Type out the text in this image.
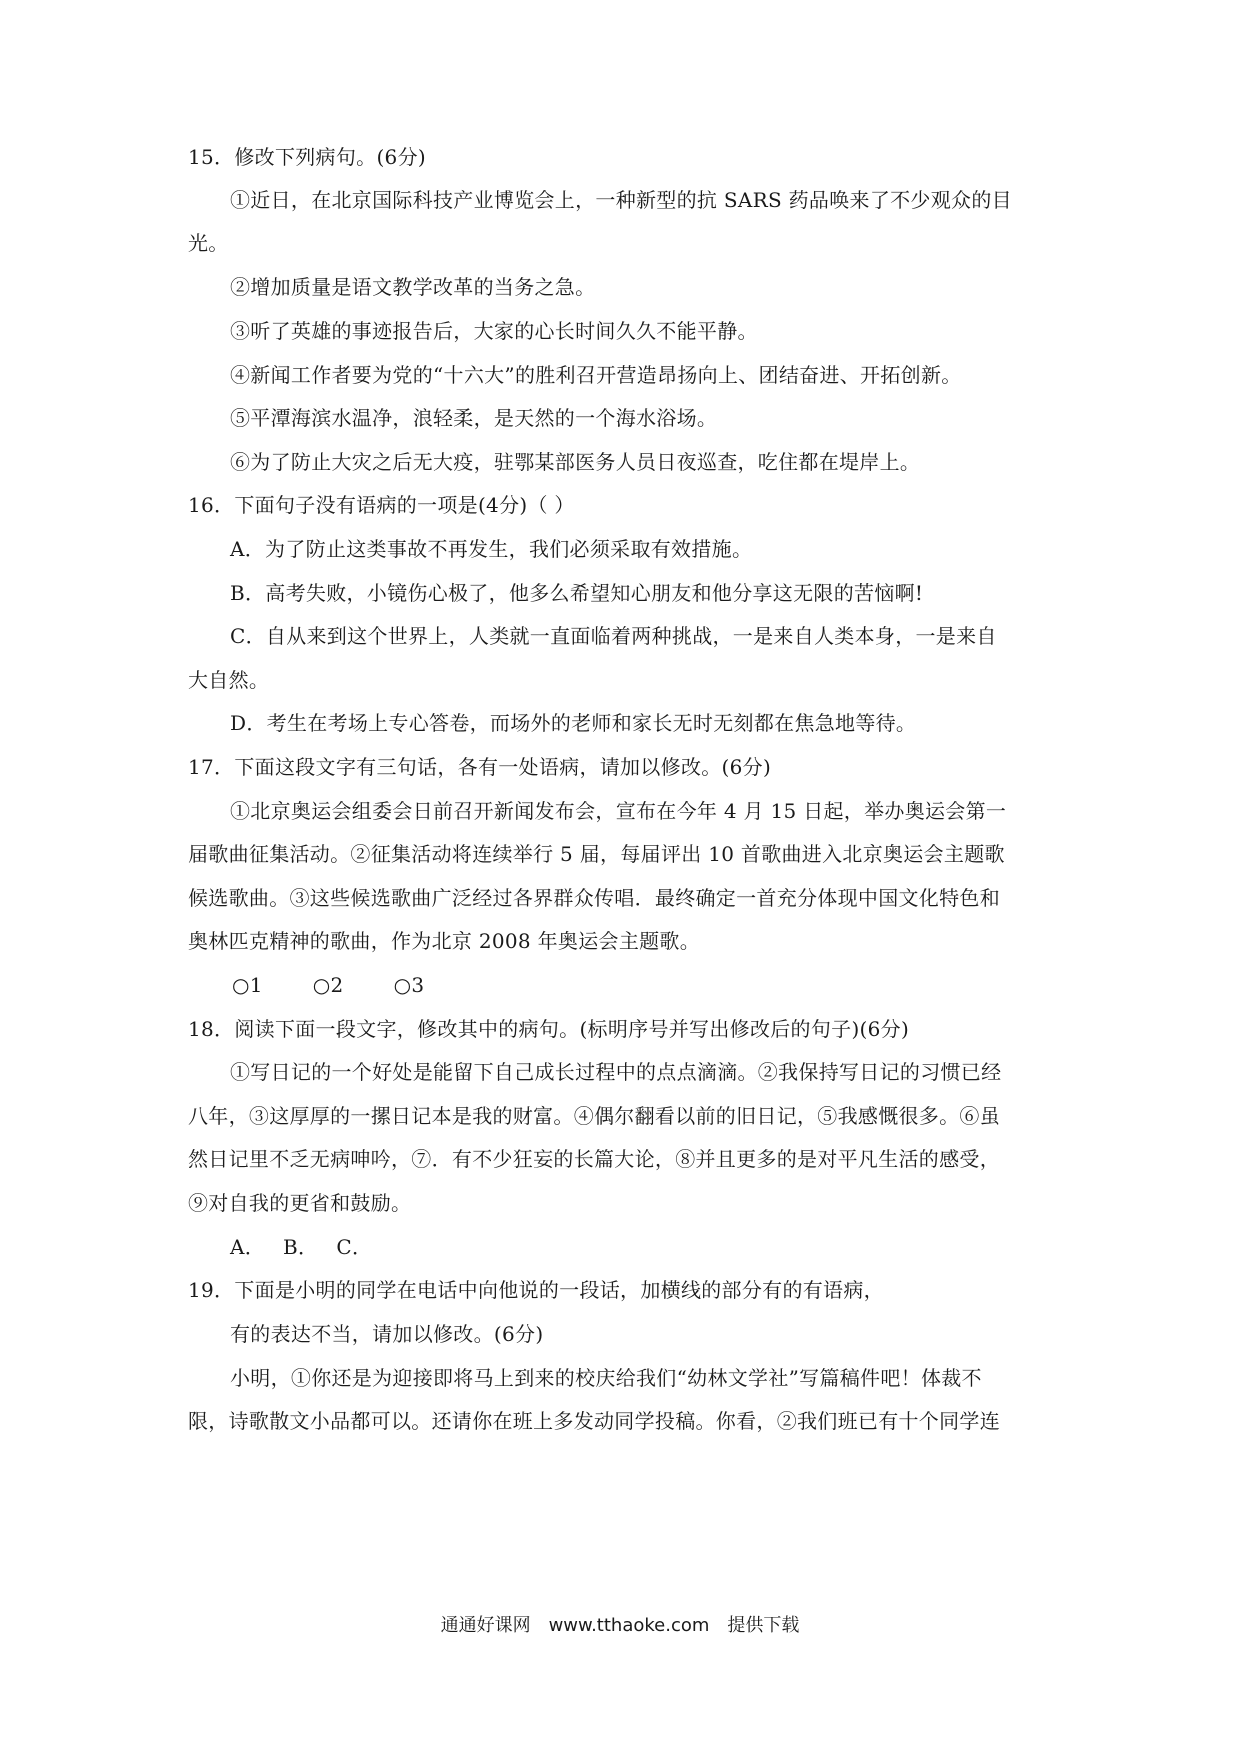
15．修改下列病句。(6分)
①近日，在北京国际科技产业博览会上，一种新型的抗 SARS 药品唤来了不少观众的目
光。
②增加质量是语文教学改革的当务之急。
③听了英雄的事迹报告后，大家的心长时间久久不能平静。
④新闻工作者要为党的“十六大”的胜利召开营造昂扬向上、团结奋进、开拓创新。
⑤平潭海滨水温净，浪轻柔，是天然的一个海水浴场。
⑥为了防止大灾之后无大疫，驻鄂某部医务人员日夜巡查，吃住都在堤岸上。
16．下面句子没有语病的一项是(4分)（ ）
A．为了防止这类事故不再发生，我们必须采取有效措施。
B．高考失败，小镜伤心极了，他多么希望知心朋友和他分享这无限的苦恼啊!
C．自从来到这个世界上，人类就一直面临着两种挑战，一是来自人类本身，一是来自
大自然。
D．考生在考场上专心答卷，而场外的老师和家长无时无刻都在焦急地等待。
17．下面这段文字有三句话，各有一处语病，请加以修改。(6分)
①北京奥运会组委会日前召开新闻发布会，宣布在今年 4 月 15 日起，举办奥运会第一
届歌曲征集活动。②征集活动将连续举行 5 届，每届评出 10 首歌曲进入北京奥运会主题歌
候选歌曲。③这些候选歌曲广泛经过各界群众传唱．最终确定一首充分体现中国文化特色和
奥林匹克精神的歌曲，作为北京 2008 年奥运会主题歌。
○1	○2	○3
18．阅读下面一段文字，修改其中的病句。(标明序号并写出修改后的句子)(6分)
①写日记的一个好处是能留下自己成长过程中的点点滴滴。②我保持写日记的习惯已经
八年，③这厚厚的一摞日记本是我的财富。④偶尔翻看以前的旧日记，⑤我感慨很多。⑥虽
然日记里不乏无病呻吟，⑦．有不少狂妄的长篇大论，⑧并且更多的是对平凡生活的感受，
⑨对自我的更省和鼓励。
A． B． C．
19．下面是小明的同学在电话中向他说的一段话，加横线的部分有的有语病，
有的表达不当，请加以修改。(6分)
小明，①你还是为迎接即将马上到来的校庆给我们“幼林文学社”写篇稿件吧！体裁不
限，诗歌散文小品都可以。还请你在班上多发动同学投稿。你看，②我们班已有十个同学连
通通好课网　www.tthaoke.com　提供下载
